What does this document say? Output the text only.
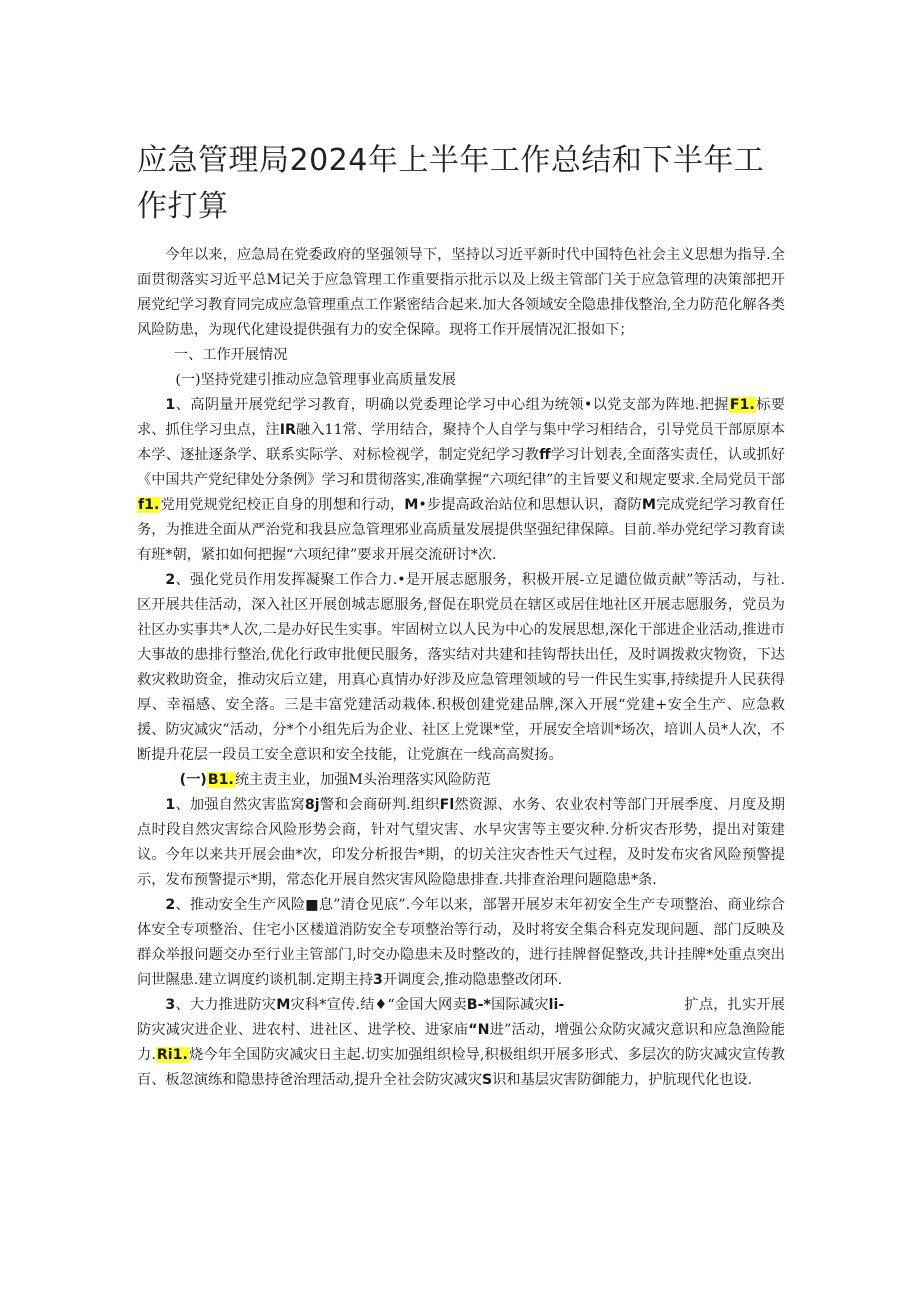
应急管理局2024年上半年工作总结和下半年工作打算

今年以来，应急局在党委政府的坚强领导下，坚持以习近平新时代中国特色社会主义思想为指导.全面贯彻落实习近平总M记关于应急管理工作重要指示批示以及上级主管部门关于应急管理的决策部把开展党纪学习教育同完成应急管理重点工作紧密结合起来.加大各领域安全隐患排伐整治,全力防范化解各类风险防患，为现代化建设提供强有力的安全保障。现将工作开展情况汇报如下；

一、工作开展情况

(一)坚持党建引推动应急管理事业高质量发展

1、高阴量开展党纪学习教育，明确以党委理论学习中心组为统领•以党支部为阵地.把握F1.标要求、抓住学习虫点，注IR融入11常、学用结合，聚持个人自学与集中学习相结合，引导党员干部原原本本学、逐扯逐条学、联系实际学、对标检视学，制定党纪学习教ff学习计划表,全面落实责任，认或抓好《中国共产党纪律处分条例》学习和贯彻落实,准确掌握“六项纪律”的主旨要义和规定要求.全局党员干部f1.党用党规党纪校正自身的刖想和行动，M•步提高政治站位和思想认识，裔防M完成党纪学习教育任务，为推进全面从严治党和我县应急管理邪业高质量发展提供坚强纪律保障。目前.举办党纪学习教育读有班*朝，紧扣如何把握“六项纪律”要求开展交流研讨*次.

2、强化党员作用发挥凝聚工作合力.•是开展志愿服务，积极开展-立足谴位做贡献”等活动，与社.区开展共佳活动，深入社区开展创城志愿服务,督促在职党员在辖区或居住地社区开展志愿服务，党员为社区办实事共*人次,二是办好民生实事。牢固树立以人民为中心的发展思想,深化干部进企业活动,推进市大事故的患排行整治,优化行政审批便民服务，落实结对共建和挂钩帮扶出任，及时调拨救灾物资，下达救灾救助资金，推动灾后立建，用真心真情办好涉及应急管理领域的号一件民生实事,持续提升人民获得厚、幸福感、安全落。三是丰富党建活动栽体.积极创建党建品牌,深入开展“党建+安全生产、应急救援、防灾减灾”活动，分*个小组先后为企业、社区上党课*堂，开展安全培训*场次，培训人员*人次，不断提升花层一段员工安全意识和安全技能，让党旗在一线高高熨扬。

(一)B1.统主责主业，加强M头治理落实风险防范

1、加强自然灾害监窝8j警和会商研判.组织Fl然资源、水务、农业农村等部门开展季度、月度及期点时段自然灾害综合风险形势会商，针对气望灾害、水早灾害等主要灾种.分析灾杏形势，提出对策建议。今年以来共开展会曲*次，印发分析报告*期，的切关注灾杏性天气过程，及时发布灾省风险预警提示，发布预警提示*期，常态化开展自然灾害风险隐患排查.共排查治理问题隐患*条.

2、推动安全生产风险■息”清仓见底”.今年以来，部署开展岁末年初安全生产专项整治、商业综合体安全专项整治、住宅小区楼道消防安全专项整治等行动，及时将安全集合科克发现问题、部门反映及群众举报问题交办至行业主管部门,时交办隐患未及时整改的，进行挂牌督促整改,共计挂牌*处重点突出问世隰患.建立调度约谈机制.定期主持3开调度会,推动隐患整改闭环.

3、大力推进防灾M灾科*宣传.结♦“金国大网卖B-*国际减灾li-	扩点，扎实开展防灾减灾进企业、进农村、进社区、进学校、进家庙“N进”活动，增强公众防灾减灾意识和应急渔险能力.Ri1.烧今年全国防灾减灾日主起.切实加强组织检导,积极组织开展多形式、多层次的防灾减灾宣传教百、板忽演练和隐患持爸治理活动,提升全社会防灾减灾S识和基层灾害防御能力，护肮现代化也设.
